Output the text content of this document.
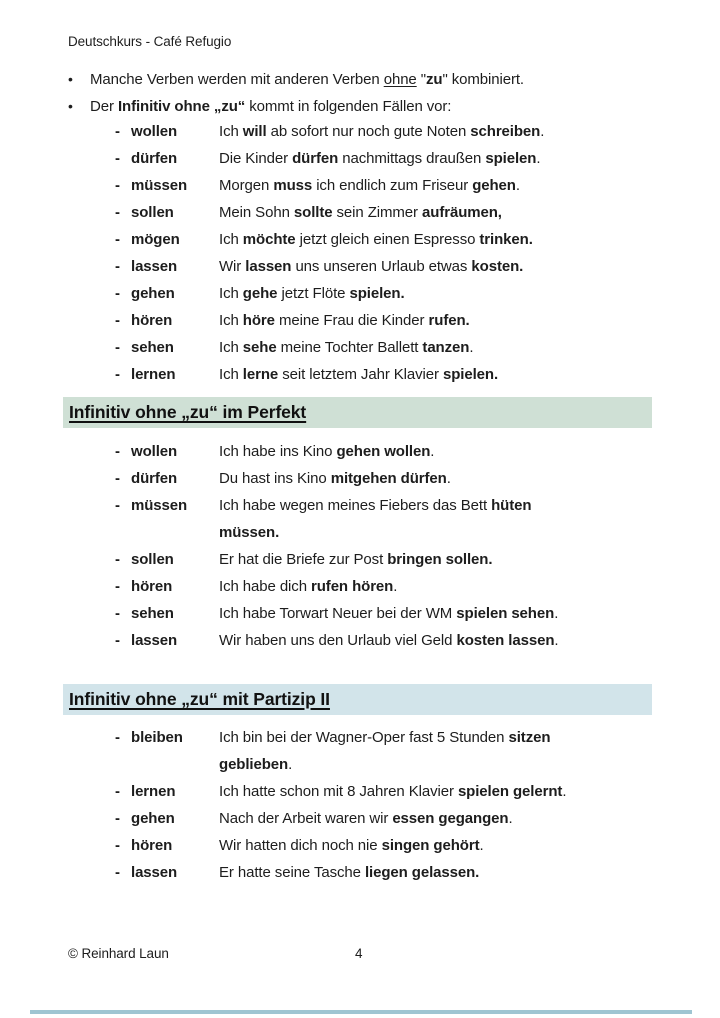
Deutschkurs - Café Refugio
•	Manche Verben werden mit anderen Verben ohne "zu" kombiniert.
•	Der Infinitiv ohne „zu“ kommt in folgenden Fällen vor:
- wollen	Ich will ab sofort nur noch gute Noten schreiben.
- dürfen	Die Kinder dürfen nachmittags draußen spielen.
- müssen	Morgen muss ich endlich zum Friseur gehen.
- sollen	Mein Sohn sollte sein Zimmer aufräumen,
- mögen	Ich möchte jetzt gleich einen Espresso trinken.
- lassen	Wir lassen uns unseren Urlaub etwas kosten.
- gehen	Ich gehe jetzt Flöte spielen.
- hören	Ich höre meine Frau die Kinder rufen.
- sehen	Ich sehe meine Tochter Ballett tanzen.
- lernen	Ich lerne seit letztem Jahr Klavier spielen.
Infinitiv ohne „zu“ im Perfekt
- wollen	Ich habe ins Kino gehen wollen.
- dürfen	Du hast ins Kino mitgehen dürfen.
- müssen	Ich habe wegen meines Fiebers das Bett hüten
müssen.
- sollen	Er hat die Briefe zur Post bringen sollen.
- hören	Ich habe dich rufen hören.
- sehen	Ich habe Torwart Neuer bei der WM spielen sehen.
- lassen	Wir haben uns den Urlaub viel Geld kosten lassen.
Infinitiv ohne „zu“ mit Partizip II
- bleiben	Ich bin bei der Wagner-Oper fast 5 Stunden sitzen
geblieben.
- lernen	Ich hatte schon mit 8 Jahren Klavier spielen gelernt.
- gehen	Nach der Arbeit waren wir essen gegangen.
- hören	Wir hatten dich noch nie singen gehört.
- lassen	Er hatte seine Tasche liegen gelassen.
© Reinhard Laun	4
